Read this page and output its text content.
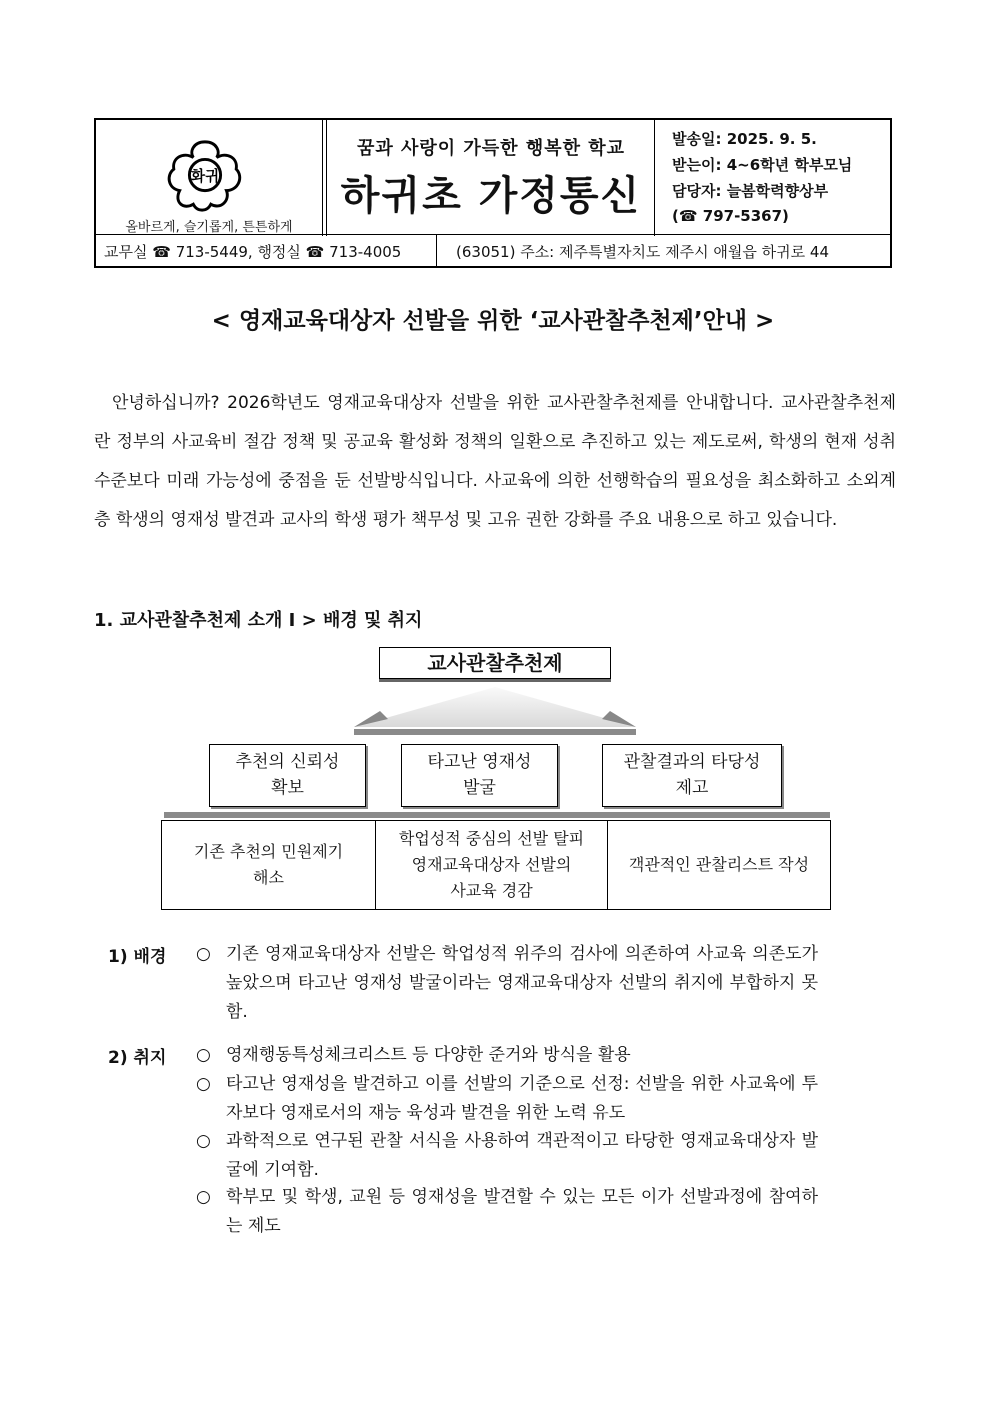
화귀
올바르게, 슬기롭게, 튼튼하게
꿈과 사랑이 가득한 행복한 학교
하귀초 가정통신
발송일: 2025. 9. 5.
받는이: 4~6학년 학부모님
담당자: 늘봄학력향상부
(☎ 797-5367)
교무실 ☎ 713-5449, 행정실 ☎ 713-4005	(63051) 주소: 제주특별자치도 제주시 애월읍 하귀로 44
< 영재교육대상자 선발을 위한 ‘교사관찰추천제’안내 >

안녕하십니까? 2026학년도 영재교육대상자 선발을 위한 교사관찰추천제를 안내합니다. 교사관찰추천제란 정부의 사교육비 절감 정책 및 공교육 활성화 정책의 일환으로 추진하고 있는 제도로써, 학생의 현재 성취 수준보다 미래 가능성에 중점을 둔 선발방식입니다. 사교육에 의한 선행학습의 필요성을 최소화하고 소외계층 학생의 영재성 발견과 교사의 학생 평가 책무성 및 고유 권한 강화를 주요 내용으로 하고 있습니다.

1. 교사관찰추천제 소개 Ⅰ > 배경 및 취지
교사관찰추천제
추천의 신뢰성
확보
타고난 영재성
발굴
관찰결과의 타당성
제고
기존 추천의 민원제기
해소
학업성적 중심의 선발 탈피
영재교육대상자 선발의
사교육 경감
객관적인 관찰리스트 작성
1) 배경 ○ 기존 영재교육대상자 선발은 학업성적 위주의 검사에 의존하여 사교육 의존도가 높았으며 타고난 영재성 발굴이라는 영재교육대상자 선발의 취지에 부합하지 못함.
2) 취지 ○ 영재행동특성체크리스트 등 다양한 준거와 방식을 활용
○ 타고난 영재성을 발견하고 이를 선발의 기준으로 선정: 선발을 위한 사교육에 투자보다 영재로서의 재능 육성과 발견을 위한 노력 유도
○ 과학적으로 연구된 관찰 서식을 사용하여 객관적이고 타당한 영재교육대상자 발굴에 기여함.
○ 학부모 및 학생, 교원 등 영재성을 발견할 수 있는 모든 이가 선발과정에 참여하는 제도
